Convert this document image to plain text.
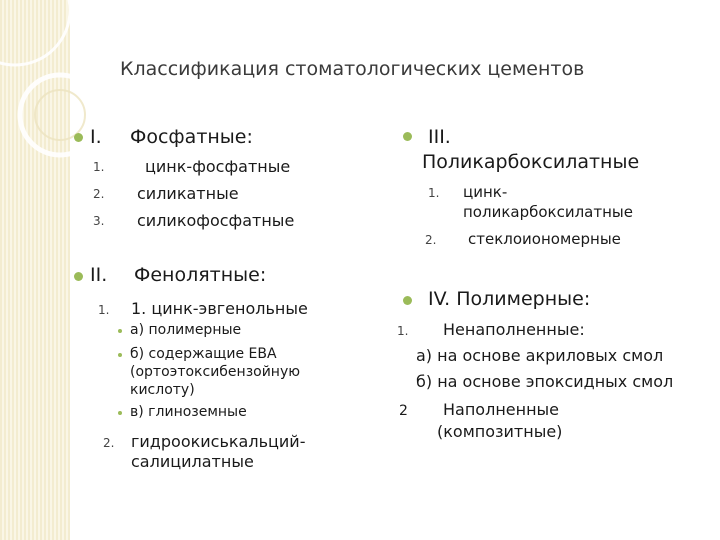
Классификация стоматологических цементов
I. Фосфатные:
1.	цинк-фосфатные
2. силикатные
3. силикофосфатные
II. Фенолятные:
1. 1. цинк-эвгенольные
а) полимерные
б) содержащие ЕВА
(ортоэтоксибензойную
кислоту)
в) глиноземные
2. гидроокиськальций-
салицилатные
III.
Поликарбоксилатные
1. цинк-
поликарбоксилатные
2. стеклоиономерные
IV. Полимерные:
1. Ненаполненные:
а) на основе акриловых смол
б) на основе эпоксидных смол
2 Наполненные
(композитные)
